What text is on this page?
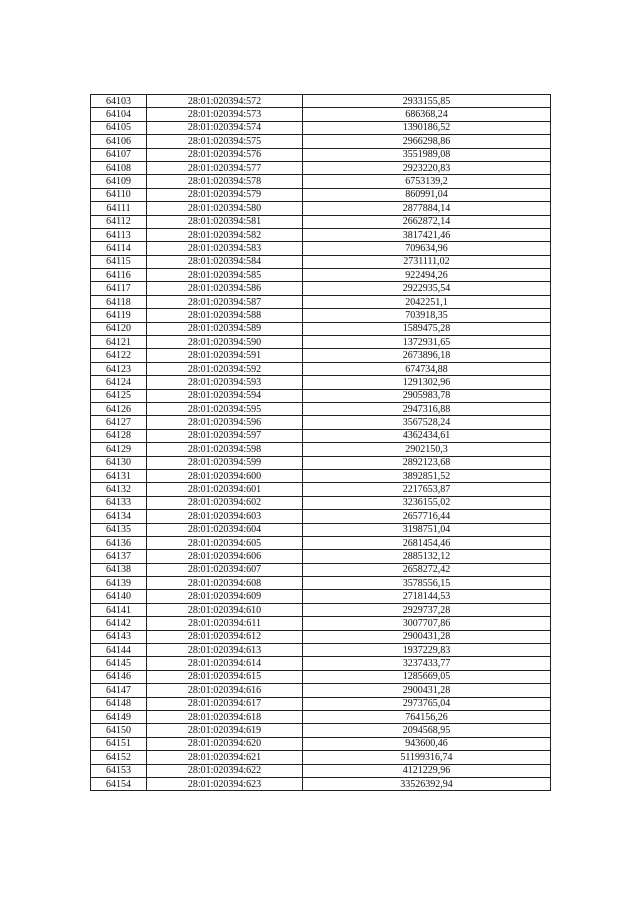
64103	28:01:020394:572	2933155,85
64104	28:01:020394:573	686368,24
64105	28:01:020394:574	1390186,52
64106	28:01:020394:575	2966298,86
64107	28:01:020394:576	3551989,08
64108	28:01:020394:577	2923220,83
64109	28:01:020394:578	6753139,2
64110	28:01:020394:579	860991,04
64111	28:01:020394:580	2877884,14
64112	28:01:020394:581	2662872,14
64113	28:01:020394:582	3817421,46
64114	28:01:020394:583	709634,96
64115	28:01:020394:584	2731111,02
64116	28:01:020394:585	922494,26
64117	28:01:020394:586	2922935,54
64118	28:01:020394:587	2042251,1
64119	28:01:020394:588	703918,35
64120	28:01:020394:589	1589475,28
64121	28:01:020394:590	1372931,65
64122	28:01:020394:591	2673896,18
64123	28:01:020394:592	674734,88
64124	28:01:020394:593	1291302,96
64125	28:01:020394:594	2905983,78
64126	28:01:020394:595	2947316,88
64127	28:01:020394:596	3567528,24
64128	28:01:020394:597	4362434,61
64129	28:01:020394:598	2902150,3
64130	28:01:020394:599	2892123,68
64131	28:01:020394:600	3892851,52
64132	28:01:020394:601	2217653,87
64133	28:01:020394:602	3236155,02
64134	28:01:020394:603	2657716,44
64135	28:01:020394:604	3198751,04
64136	28:01:020394:605	2681454,46
64137	28:01:020394:606	2885132,12
64138	28:01:020394:607	2658272,42
64139	28:01:020394:608	3578556,15
64140	28:01:020394:609	2718144,53
64141	28:01:020394:610	2929737,28
64142	28:01:020394:611	3007707,86
64143	28:01:020394:612	2900431,28
64144	28:01:020394:613	1937229,83
64145	28:01:020394:614	3237433,77
64146	28:01:020394:615	1285669,05
64147	28:01:020394:616	2900431,28
64148	28:01:020394:617	2973765,04
64149	28:01:020394:618	764156,26
64150	28:01:020394:619	2094568,95
64151	28:01:020394:620	943600,46
64152	28:01:020394:621	51199316,74
64153	28:01:020394:622	4121229,96
64154	28:01:020394:623	33526392,94
